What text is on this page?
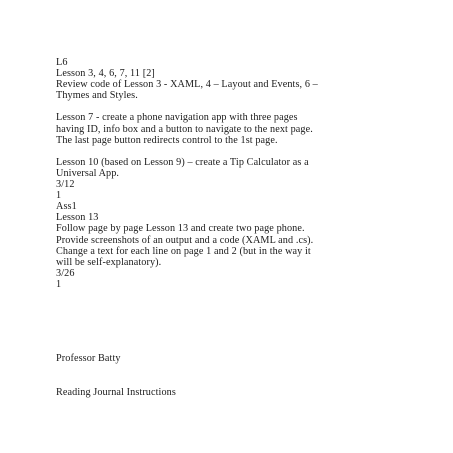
L6

Lesson 3, 4, 6, 7, 11 [2]

Review code of Lesson 3 - XAML, 4 – Layout and Events, 6 –

Thymes and Styles.

Lesson 7 - create a phone navigation app with three pages

having ID, info box and a button to navigate to the next page.

The last page button redirects control to the 1st page.

Lesson 10 (based on Lesson 9) – create a Tip Calculator as a

Universal App.

3/12

1

Ass1

Lesson 13

Follow page by page Lesson 13 and create two page phone.

Provide screenshots of an output and a code (XAML and .cs).

Change a text for each line on page 1 and 2 (but in the way it

will be self-explanatory).

3/26

1

Professor Batty
Reading Journal Instructions
